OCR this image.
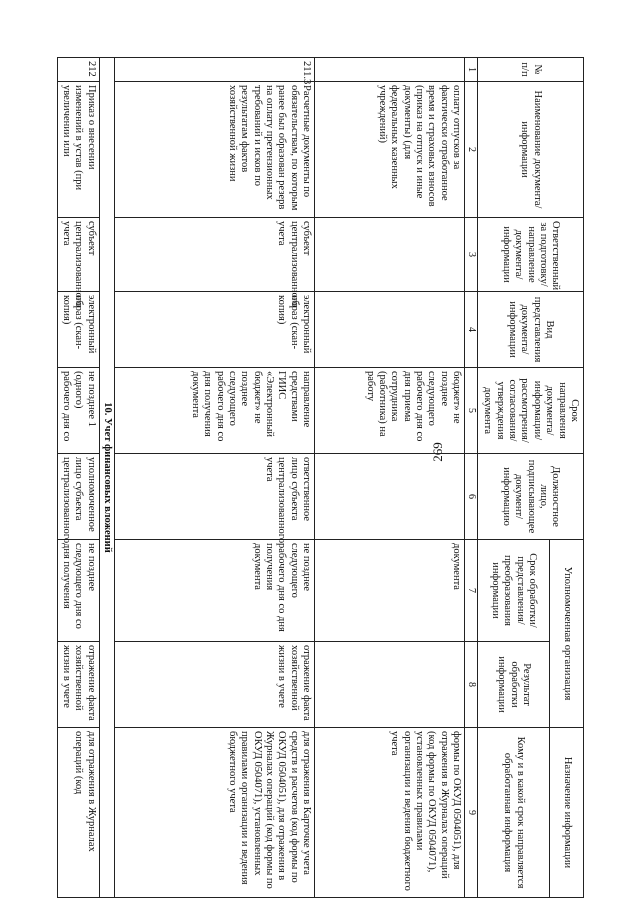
269
№ п/п	Наименование документа/ информации	Ответственный за подготовку/ направление документа/ информации	Вид представления документа/ информации	Срок направления документа/ информации/ рассмотрения/ согласования/ утверждения документа	Должностное лицо, подписывающее документ/ информацию	Уполномоченная организация		Назначение информации
						Срок обработки/ представления/ преобразования информации	Результат обработки информации	Кому и в какой срок направляется обработанная информация
1	2	3	4	5	6	7	8	9
	оплату отпусков за фактически отработанное время и страховых взносов (приказ на отпуск и иные документы) (для федеральных казенных учреждений)			бюджет» не позднее следующего рабочего дня со дня приема сотрудника (работника) на работу		документа		формы по ОКУД 0504051), для отражения в Журналах операций (код формы по ОКУД 0504071), установленных правилами организации и ведения бюджетного учета
211.3	Расчетные документы по обязательствам, по которым ранее был образован резерв на оплату претензионных требований и исков по результатам фактов хозяйственной жизни	субъект централизованного учета	электронный образ (скан-копия)	направление средствами ГИИС «Электронный бюджет» не позднее следующего рабочего дня со дня получения документа	ответственное лицо субъекта централизованного учета	не позднее следующего рабочего дня со дня получения документа	отражение факта хозяйственной жизни в учете	для отражения в Карточке учета средств и расчетов (код формы по ОКУД 0504051), для отражения в Журналах операций (код формы по ОКУД 0504071), установленных правилами организации и ведения бюджетного учета
10. Учет финансовых вложений								
212	Приказ о внесении изменений в устав (при увеличении или	субъект централизованного учета	электронный образ (скан-копия)	не позднее 1 (одного) рабочего дня со	уполномоченное лицо субъекта централизованного	не позднее следующего дня со дня получения	отражение факта хозяйственной жизни в учете	для отражения в Журналах операций (код
